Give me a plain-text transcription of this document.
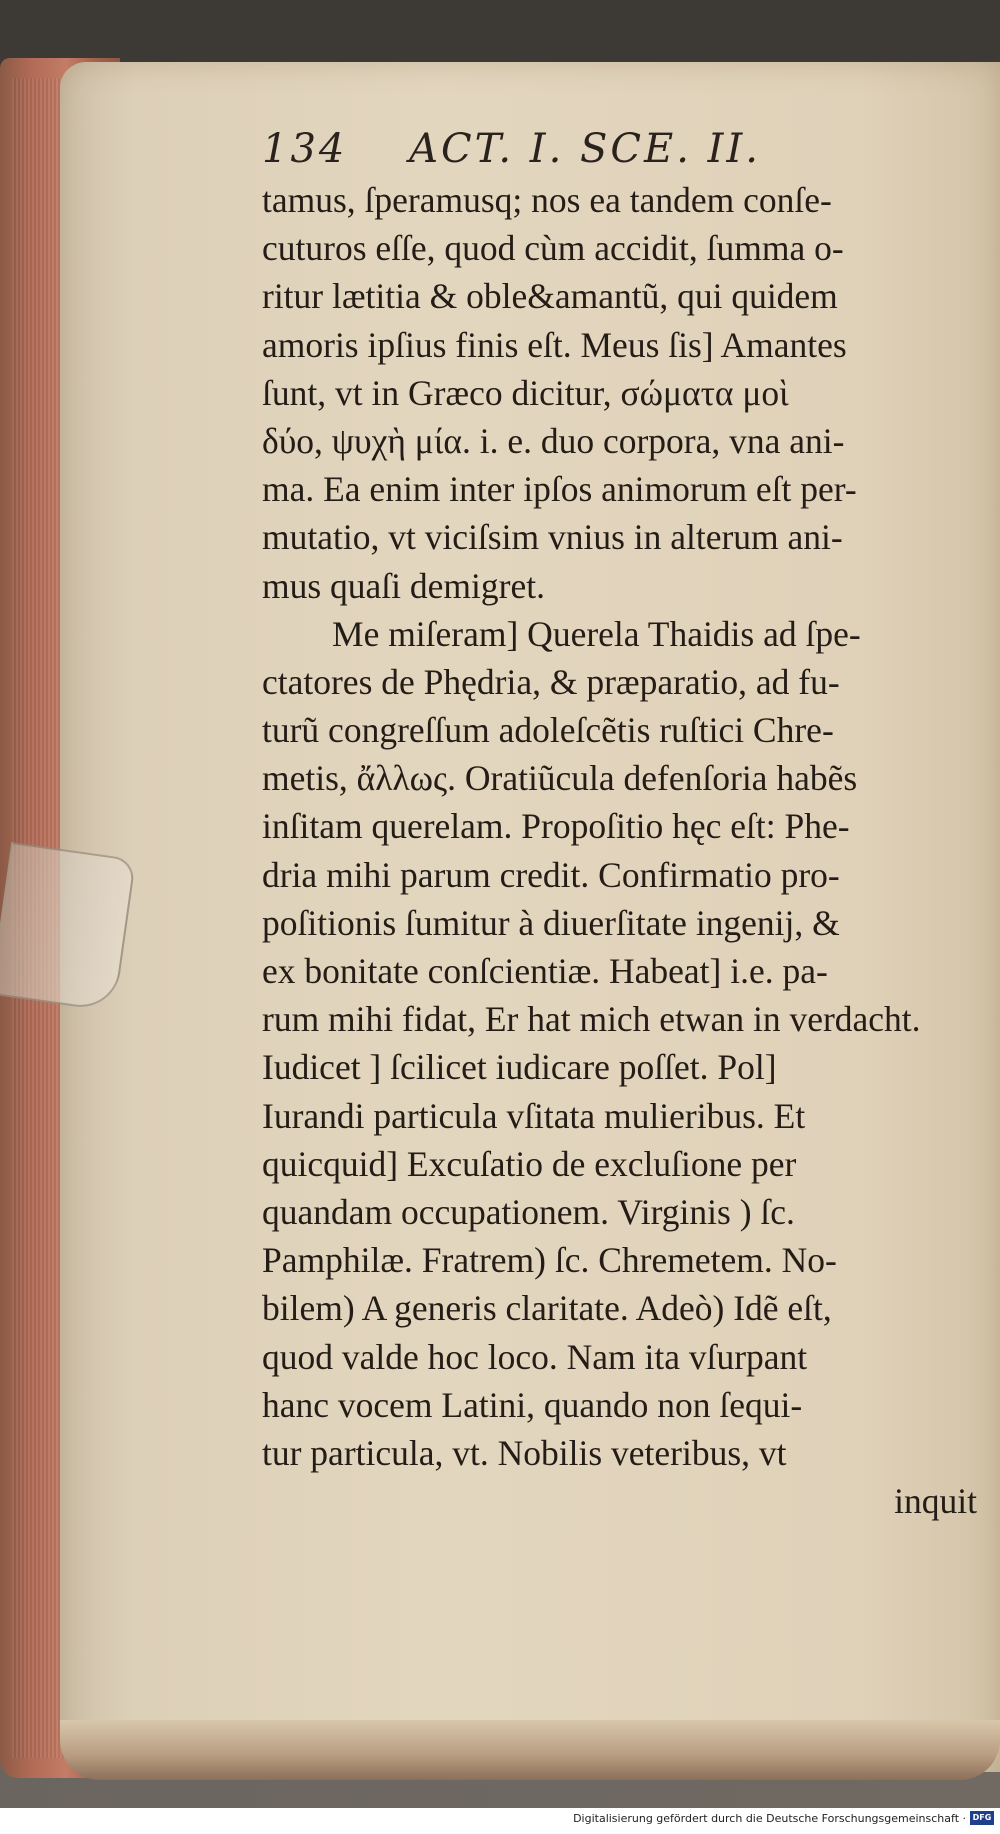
134 ACT. I. SCE. II.
tamus, ſperamusq; nos ea tandem conſe-
cuturos eſſe, quod cùm accidit, ſumma o-
ritur lætitia & oble&amantũ, qui quidem
amoris ipſius finis eſt. Meus ſis] Amantes
ſunt, vt in Græco dicitur, σώματα μοὶ
δύο, ψυχὴ μία. i. e. duo corpora, vna ani-
ma. Ea enim inter ipſos animorum eſt per-
mutatio, vt viciſsim vnius in alterum ani-
mus quaſi demigret.
Me miſeram] Querela Thaidis ad ſpe-
ctatores de Phędria, & præparatio, ad fu-
turũ congreſſum adoleſcẽtis ruſtici Chre-
metis, ἄλλως. Oratiũcula defenſoria habẽs
inſitam querelam. Propoſitio hęc eſt: Phe-
dria mihi parum credit. Confirmatio pro-
poſitionis ſumitur à diuerſitate ingenij, &
ex bonitate conſcientiæ. Habeat] i.e. pa-
rum mihi fidat, Er hat mich etwan in verdacht.
Iudicet ] ſcilicet iudicare poſſet. Pol]
Iurandi particula vſitata mulieribus. Et
quicquid] Excuſatio de excluſione per
quandam occupationem. Virginis ) ſc.
Pamphilæ. Fratrem) ſc. Chremetem. No-
bilem) A generis claritate. Adeò) Idẽ eſt,
quod valde hoc loco. Nam ita vſurpant
hanc vocem Latini, quando non ſequi-
tur particula, vt. Nobilis veteribus, vt
inquit
Digitalisierung gefördert durch die Deutsche Forschungsgemeinschaft · DFG
